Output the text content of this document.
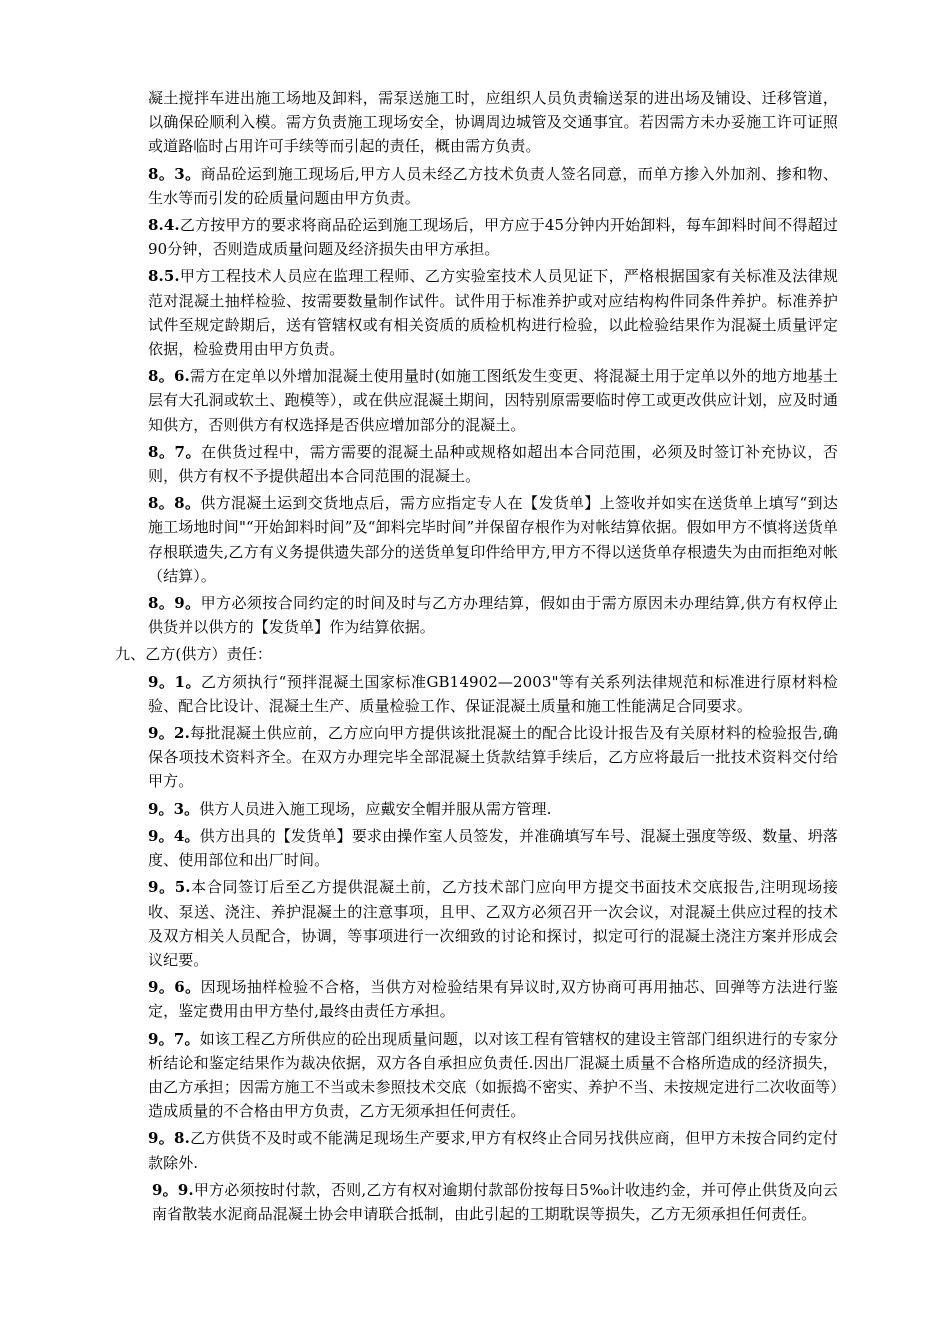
凝土搅拌车进出施工场地及卸料，需泵送施工时，应组织人员负责输送泵的进出场及铺设、迁移管道，以确保砼顺利入模。需方负责施工现场安全，协调周边城管及交通事宜。若因需方未办妥施工许可证照或道路临时占用许可手续等而引起的责任，概由需方负责。

8。3。商品砼运到施工现场后,甲方人员未经乙方技术负责人签名同意，而单方掺入外加剂、掺和物、生水等而引发的砼质量问题由甲方负责。

8.4.乙方按甲方的要求将商品砼运到施工现场后，甲方应于45分钟内开始卸料，每车卸料时间不得超过90分钟，否则造成质量问题及经济损失由甲方承担。

8.5.甲方工程技术人员应在监理工程师、乙方实验室技术人员见证下，严格根据国家有关标准及法律规范对混凝土抽样检验、按需要数量制作试件。试件用于标准养护或对应结构构件同条件养护。标准养护试件至规定龄期后，送有管辖权或有相关资质的质检机构进行检验，以此检验结果作为混凝土质量评定依据，检验费用由甲方负责。

8。6.需方在定单以外增加混凝土使用量时(如施工图纸发生变更、将混凝土用于定单以外的地方地基土层有大孔洞或软土、跑模等），或在供应混凝土期间，因特别原需要临时停工或更改供应计划，应及时通知供方，否则供方有权选择是否供应增加部分的混凝土。

8。7。在供货过程中，需方需要的混凝土品种或规格如超出本合同范围，必须及时签订补充协议，否则，供方有权不予提供超出本合同范围的混凝土。

8。8。供方混凝土运到交货地点后，需方应指定专人在【发货单】上签收并如实在送货单上填写“到达施工场地时间"“开始卸料时间”及“卸料完毕时间”并保留存根作为对帐结算依据。假如甲方不慎将送货单存根联遗失,乙方有义务提供遗失部分的送货单复印件给甲方,甲方不得以送货单存根遗失为由而拒绝对帐（结算）。

8。9。甲方必须按合同约定的时间及时与乙方办理结算，假如由于需方原因未办理结算,供方有权停止供货并以供方的【发货单】作为结算依据。

九、乙方(供方）责任：

9。1。乙方须执行“预拌混凝土国家标准GB14902—2003"等有关系列法律规范和标准进行原材料检验、配合比设计、混凝土生产、质量检验工作、保证混凝土质量和施工性能满足合同要求。

9。2.每批混凝土供应前，乙方应向甲方提供该批混凝土的配合比设计报告及有关原材料的检验报告,确保各项技术资料齐全。在双方办理完毕全部混凝土货款结算手续后，乙方应将最后一批技术资料交付给甲方。

9。3。供方人员进入施工现场，应戴安全帽并服从需方管理.

9。4。供方出具的【发货单】要求由操作室人员签发，并准确填写车号、混凝土强度等级、数量、坍落度、使用部位和出厂时间。

9。5.本合同签订后至乙方提供混凝土前，乙方技术部门应向甲方提交书面技术交底报告,注明现场接收、泵送、浇注、养护混凝土的注意事项，且甲、乙双方必须召开一次会议，对混凝土供应过程的技术及双方相关人员配合，协调，等事项进行一次细致的讨论和探讨，拟定可行的混凝土浇注方案并形成会议纪要。

9。6。因现场抽样检验不合格，当供方对检验结果有异议时,双方协商可再用抽芯、回弹等方法进行鉴定，鉴定费用由甲方垫付,最终由责任方承担。

9。7。如该工程乙方所供应的砼出现质量问题，以对该工程有管辖权的建设主管部门组织进行的专家分析结论和鉴定结果作为裁决依据，双方各自承担应负责任.因出厂混凝土质量不合格所造成的经济损失，由乙方承担；因需方施工不当或未参照技术交底（如振捣不密实、养护不当、未按规定进行二次收面等）造成质量的不合格由甲方负责，乙方无须承担任何责任。

9。8.乙方供货不及时或不能满足现场生产要求,甲方有权终止合同另找供应商，但甲方未按合同约定付款除外.

9。9.甲方必须按时付款，否则,乙方有权对逾期付款部份按每日5‰计收违约金，并可停止供货及向云南省散装水泥商品混凝土协会申请联合抵制，由此引起的工期耽误等损失，乙方无须承担任何责任。
